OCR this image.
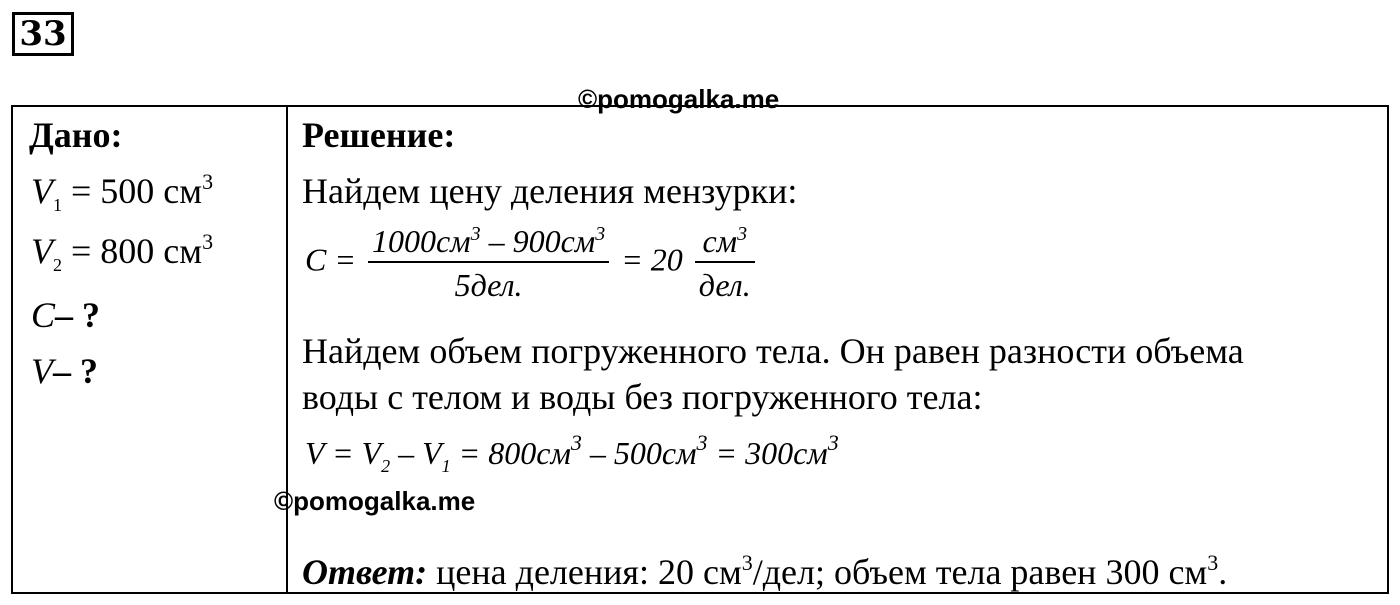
33
©pomogalka.me
Дано:
$V_1 = 500$ $см^3$
$V_2 = 800$ $см^3$
C– ?
V– ?
Решение:
Найдем цену деления мензурки:
$C = \frac{1000см^3 - 900см^3}{\text{5дел.}} = 20 \frac{см^3}{\text{дел.}}$
Найдем объем погруженного тела. Он равен разности объема
воды с телом и воды без погруженного тела:
$V = V_2 - V_1 = 800см^3 - 500см^3 = 300см^3$
Ответ: цена деления: 20 $см^3$/дел; объем тела равен 300 $см^3$.
©pomogalka.me
